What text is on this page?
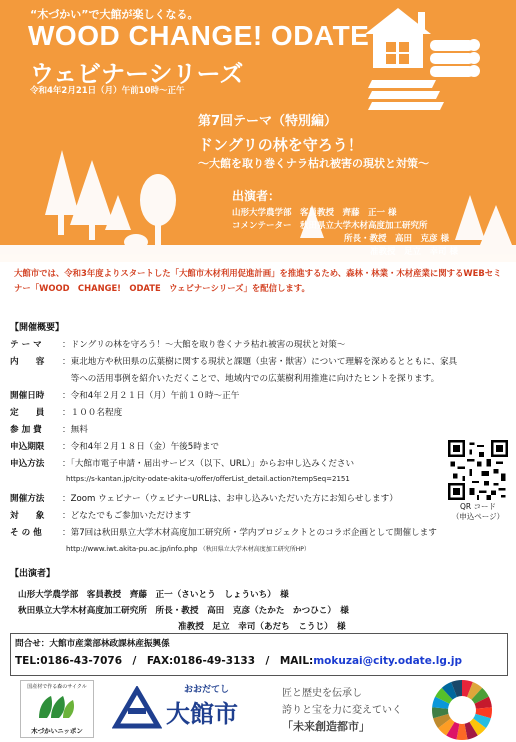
“木づかい”で大館が楽しくなる。
WOOD CHANGE! ODATE
ウェビナーシリーズ
令和4年2月21日（月）午前10時～正午
第7回テーマ（特別編）
ドングリの林を守ろう！
～大館を取り巻くナラ枯れ被害の現状と対策～
出演者：
山形大学農学部　客員教授　齊藤　正一 様
コメンテーター　秋田県立大学木材高度加工研究所
所長・教授　高田　克彦 様
准教授　足立　幸司 様
大館市では、令和3年度よりスタートした「大館市木材利用促進計画」を推進するため、森林・林業・木材産業に関するWEBセミナー「WOOD　CHANGE!　ODATE　ウェビナーシリーズ」を配信します。
【開催概要】
テ ー マ ：ドングリの林を守ろう！～大館を取り巻くナラ枯れ被害の現状と対策～
内　　容 ：東北地方や秋田県の広葉樹に関する現状と課題（虫害・獣害）について理解を深めるとともに、家具
　等への活用事例を紹介いただくことで、地域内での広葉樹利用推進に向けたヒントを探ります。
開催日時 ：令和4年２月２１日（月）午前１０時～正午
定　　員 ：１００名程度
参 加 費 ：無料
申込期限 ：令和4年２月１８日（金）午後5時まで
申込方法 ：「大館市電子申請・届出サービス（以下、URL）」からお申し込みください
https://s-kantan.jp/city-odate-akita-u/offer/offerList_detail.action?tempSeq=2151
開催方法 ：Zoom ウェビナー（ウェビナーURLは、お申し込みいただいた方にお知らせします）
対　　象 ：どなたでもご参加いただけます
そ の 他 ：第7回は秋田県立大学木材高度加工研究所・学内プロジェクトとのコラボ企画として開催します
http://www.iwt.akita-pu.ac.jp/info.php （秋田県立大学木材高度加工研究所HP）
QR コード
（申込ページ）
【出演者】
山形大学農学部　客員教授　齊藤　正一（さいとう　しょういち）　様
秋田県立大学木材高度加工研究所　所長・教授　高田　克彦（たかた　かつひこ）　様
准教授　足立　幸司（あだち　こうじ）　様
問合せ：大館市産業部林政課林産振興係
TEL:0186-43-7076　/　FAX:0186-49-3133　/　MAIL:mokuzai@city.odate.lg.jp
国産材で作る森のサイクル
木づかいニッポン
おおだてし
大館市
匠と歴史を伝承し
誇りと宝を力に変えていく
「未来創造都市」
